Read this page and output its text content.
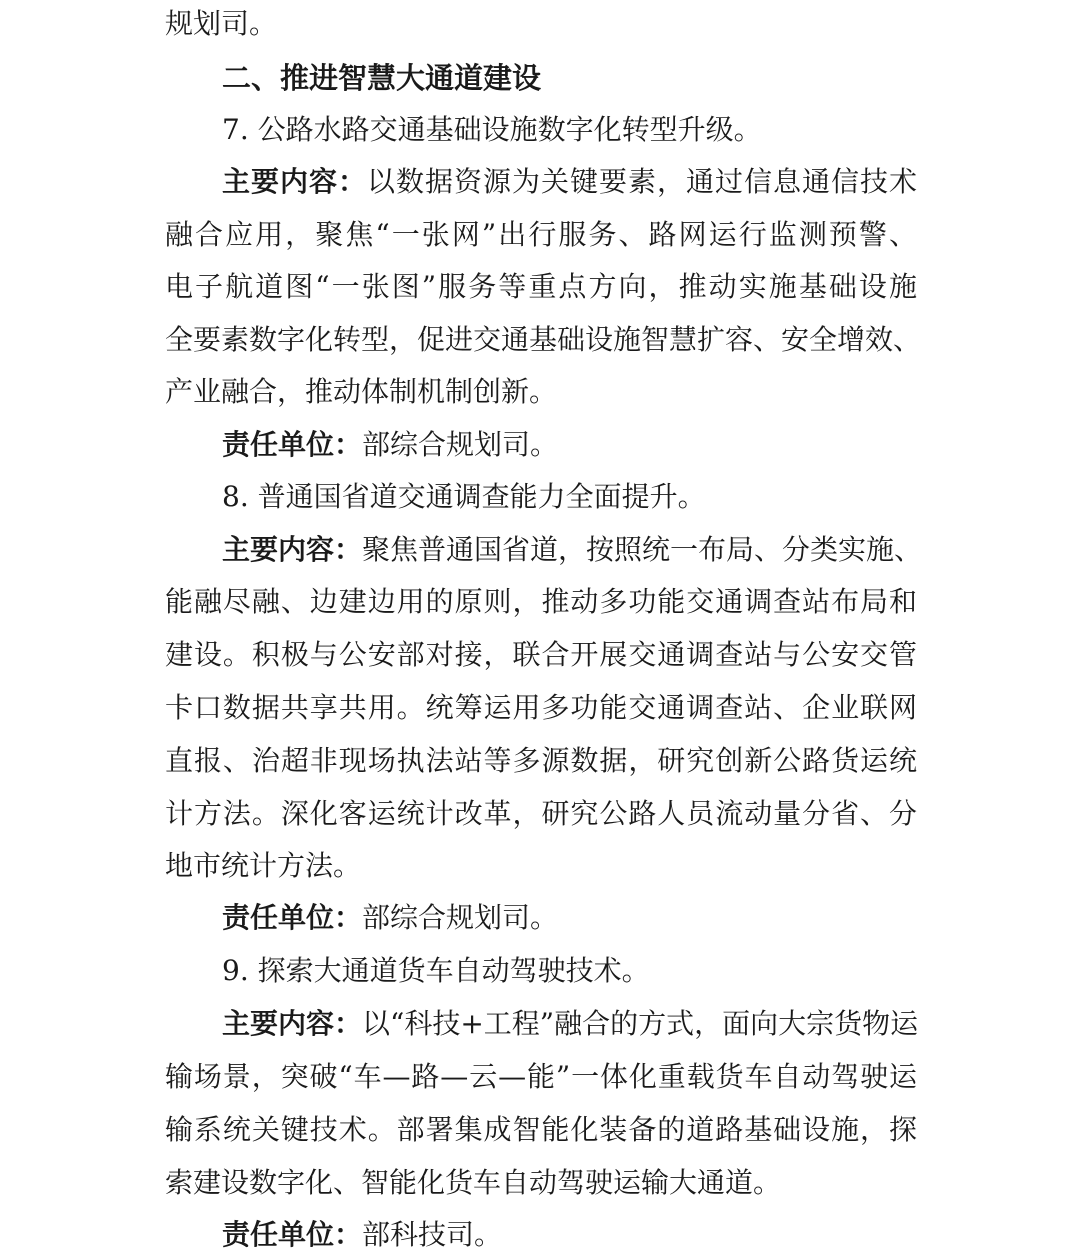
规划司。
二、推进智慧大通道建设
7. 公路水路交通基础设施数字化转型升级。
主要内容：以数据资源为关键要素，通过信息通信技术
融合应用，聚焦“一张网”出行服务、路网运行监测预警、
电子航道图“一张图”服务等重点方向，推动实施基础设施
全要素数字化转型，促进交通基础设施智慧扩容、安全增效、
产业融合，推动体制机制创新。
责任单位：部综合规划司。
8. 普通国省道交通调查能力全面提升。
主要内容：聚焦普通国省道，按照统一布局、分类实施、
能融尽融、边建边用的原则，推动多功能交通调查站布局和
建设。积极与公安部对接，联合开展交通调查站与公安交管
卡口数据共享共用。统筹运用多功能交通调查站、企业联网
直报、治超非现场执法站等多源数据，研究创新公路货运统
计方法。深化客运统计改革，研究公路人员流动量分省、分
地市统计方法。
责任单位：部综合规划司。
9. 探索大通道货车自动驾驶技术。
主要内容：以“科技+工程”融合的方式，面向大宗货物运
输场景，突破“车—路—云—能”一体化重载货车自动驾驶运
输系统关键技术。部署集成智能化装备的道路基础设施，探
索建设数字化、智能化货车自动驾驶运输大通道。
责任单位：部科技司。
